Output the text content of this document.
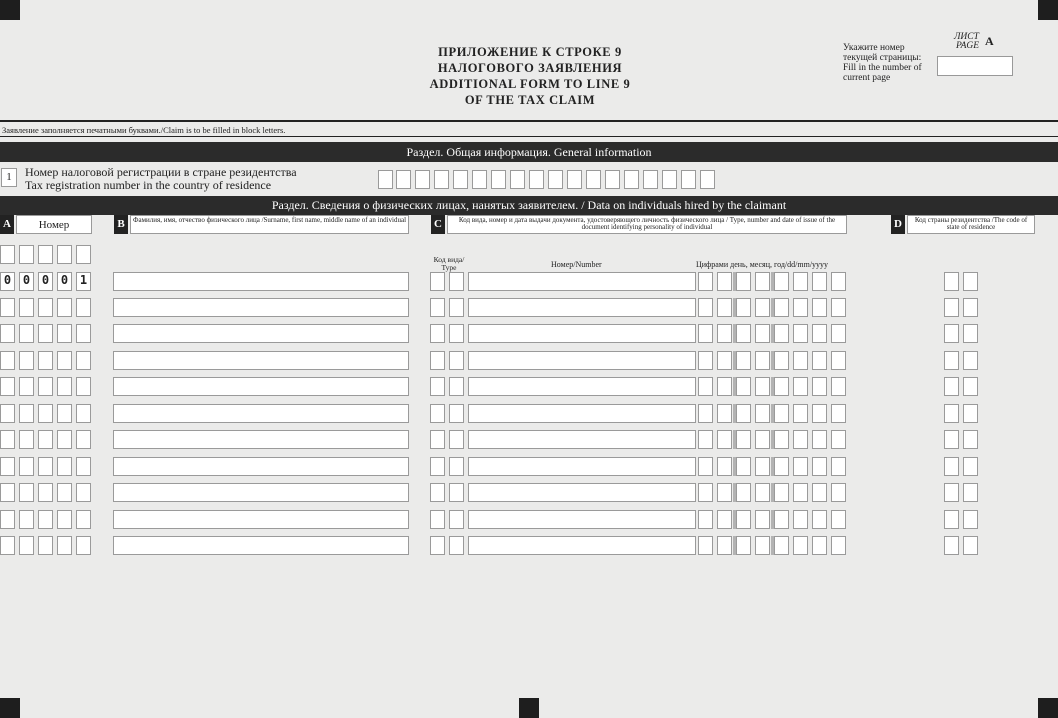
ПРИЛОЖЕНИЕ К СТРОКЕ 9
НАЛОГОВОГО ЗАЯВЛЕНИЯ
ADDITIONAL FORM TO LINE 9
OF THE TAX CLAIM
Укажите номер текущей страницы:
Fill in the number of current page
ЛИСТ
PAGE A
Заявление заполняется печатными буквами./Claim is to be filled in block letters.
Раздел. Общая информация. General information
1	Номер налоговой регистрации в стране резидентства
Tax registration number in the country of residence
Раздел. Сведения о физических лицах, нанятых заявителем. / Data on individuals hired by the claimant
A	Номер	B	Фамилия, имя, отчество физического лица /Surname, first name, middle name of an individual	C	Код вида, номер и дата выдачи документа, удостоверяющего личность физического лица / Type, number and date of issue of the document identifying personality of individual	D	Код страны резидентства /The code of state of residence
Код вида/ Type	Номер/Number	Цифрами день, месяц, год/dd/mm/yyyy
0 0 0 0 1
